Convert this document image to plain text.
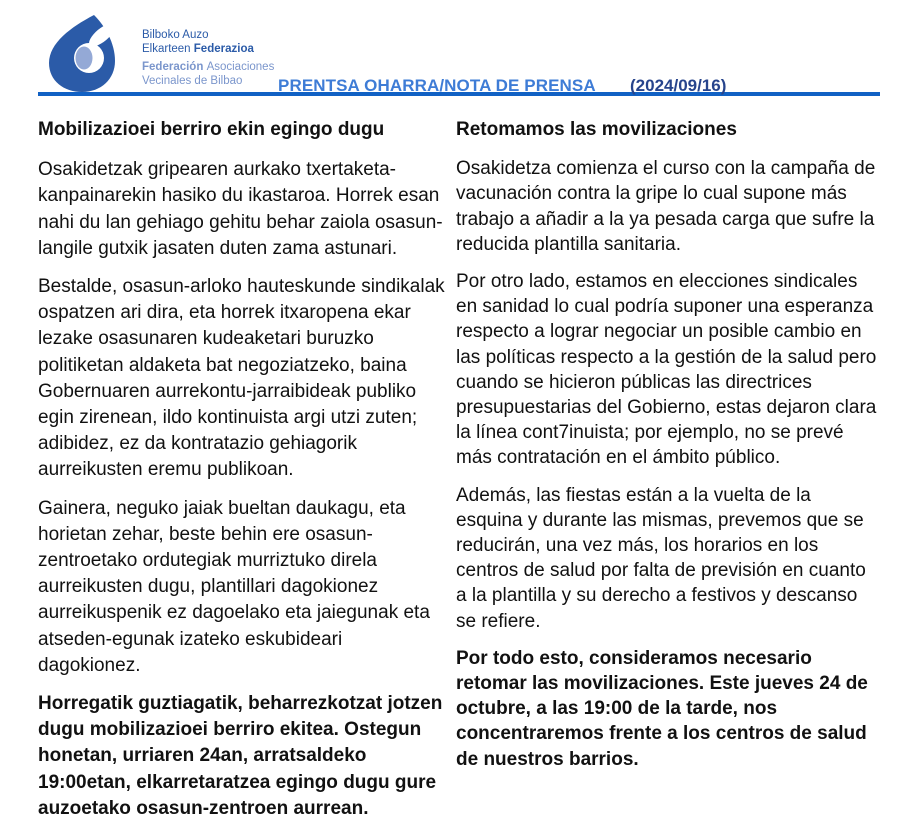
Bilboko Auzo
Elkarteen Federazioa
Federación Asociaciones
Vecinales de Bilbao	PRENTSA OHARRA/NOTA DE PRENSA (2024/09/16)
Mobilizazioei berriro ekin egingo dugu

Osakidetzak gripearen aurkako txertaketa-kanpainarekin hasiko du ikastaroa. Horrek esan nahi du lan gehiago gehitu behar zaiola osasun-langile gutxik jasaten duten zama astunari.

Bestalde, osasun-arloko hauteskunde sindikalak ospatzen ari dira, eta horrek itxaropena ekar lezake osasunaren kudeaketari buruzko politiketan aldaketa bat negoziatzeko, baina Gobernuaren aurrekontu-jarraibideak publiko egin zirenean, ildo kontinuista argi utzi zuten; adibidez, ez da kontratazio gehiagorik aurreikusten eremu publikoan.

Gainera, neguko jaiak bueltan daukagu, eta horietan zehar, beste behin ere osasun-zentroetako ordutegiak murriztuko direla aurreikusten dugu, plantillari dagokionez aurreikuspenik ez dagoelako eta jaiegunak eta atseden-egunak izateko eskubideari dagokionez.

Horregatik guztiagatik, beharrezkotzat jotzen dugu mobilizazioei berriro ekitea. Ostegun honetan, urriaren 24an, arratsaldeko 19:00etan, elkarretaratzea egingo dugu gure auzoetako osasun-zentroen aurrean.

Retomamos las movilizaciones

Osakidetza comienza el curso con la campaña de vacunación contra la gripe lo cual supone más trabajo a añadir a la ya pesada carga que sufre la reducida plantilla sanitaria.

Por otro lado, estamos en elecciones sindicales en sanidad lo cual podría suponer una esperanza respecto a lograr negociar un posible cambio en las políticas respecto a la gestión de la salud pero cuando se hicieron públicas las directrices presupuestarias del Gobierno, estas dejaron clara la línea cont7inuista; por ejemplo, no se prevé más contratación en el ámbito público.

Además, las fiestas están a la vuelta de la esquina y durante las mismas, prevemos que se reducirán, una vez más, los horarios en los centros de salud por falta de previsión en cuanto a la plantilla y su derecho a festivos y descanso se refiere.

Por todo esto, consideramos necesario retomar las movilizaciones. Este jueves 24 de octubre, a las 19:00 de la tarde, nos concentraremos frente a los centros de salud de nuestros barrios.
